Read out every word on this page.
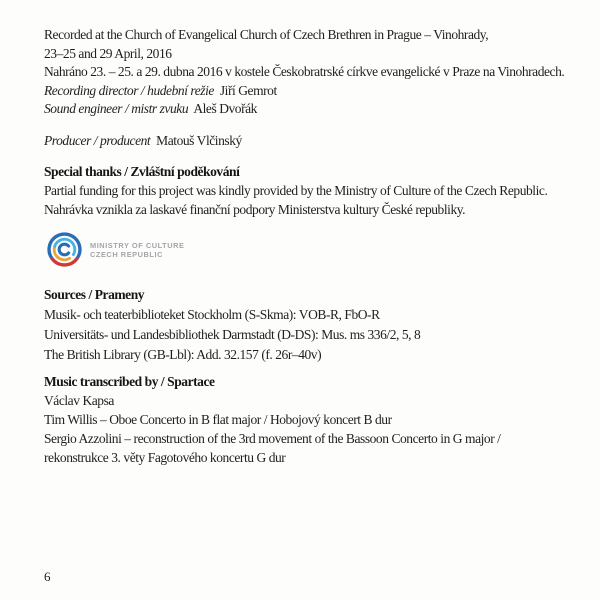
Recorded at the Church of Evangelical Church of Czech Brethren in Prague – Vinohrady,
23–25 and 29 April, 2016
Nahráno 23. – 25. a 29. dubna 2016 v kostele Českobratrské církve evangelické v Praze na Vinohradech.
Recording director / hudební režie Jiří Gemrot
Sound engineer / mistr zvuku Aleš Dvořák
Producer / producent Matouš Vlčinský
Special thanks / Zvláštní poděkování
Partial funding for this project was kindly provided by the Ministry of Culture of the Czech Republic.
Nahrávka vznikla za laskavé finanční podpory Ministerstva kultury České republiky.
MINISTRY OF CULTURE
CZECH REPUBLIC
Sources / Prameny
Musik- och teaterbiblioteket Stockholm (S-Skma): VOB-R, FbO-R
Universitäts- und Landesbibliothek Darmstadt (D-DS): Mus. ms 336/2, 5, 8
The British Library (GB-Lbl): Add. 32.157 (f. 26r–40v)
Music transcribed by / Spartace
Václav Kapsa
Tim Willis – Oboe Concerto in B flat major / Hobojový koncert B dur
Sergio Azzolini – reconstruction of the 3rd movement of the Bassoon Concerto in G major /
rekonstrukce 3. věty Fagotového koncertu G dur
6
